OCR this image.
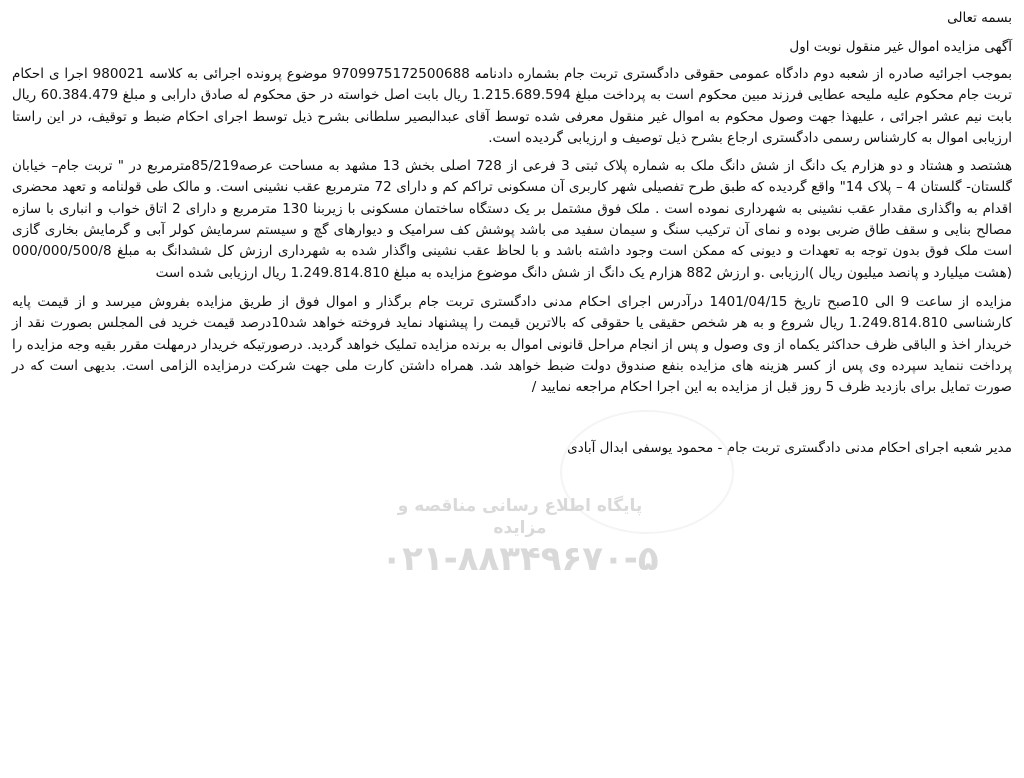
بسمه تعالی
آگهی مزایده اموال غیر منقول نوبت اول
بموجب اجرائیه صادره از شعبه دوم دادگاه عمومی حقوقی دادگستری تربت جام بشماره دادنامه 9709975172500688 موضوع پرونده اجرائی به کلاسه 980021 اجرا ی احکام تربت جام محکوم علیه ملیحه عطایی فرزند مبین محکوم است به پرداخت مبلغ 1.215.689.594 ریال بابت اصل خواسته در حق محکوم له صادق دارابی و مبلغ 60.384.479 ریال بابت نیم عشر اجرائی ، علیهذا جهت وصول محکوم به اموال غیر منقول معرفی شده توسط آقای عبدالبصیر سلطانی بشرح ذیل توسط اجرای احکام ضبط و توقیف، در این راستا ارزیابی اموال به کارشناس رسمی دادگستری ارجاع بشرح ذیل توصیف و ارزیابی گردیده است.
هشتصد و هشتاد و دو هزارم یک دانگ از شش دانگ ملک به شماره پلاک ثبتی 3 فرعی از 728 اصلی بخش 13 مشهد به مساحت عرصه85/219مترمربع در " تربت جام– خیابان گلستان- گلستان 4 – پلاک 14" واقع گردیده که طبق طرح تفصیلی شهر کاربری آن مسکونی تراکم کم و دارای 72 مترمربع عقب نشینی است. و مالک طی قولنامه و تعهد محضری اقدام به واگذاری مقدار عقب نشینی به شهرداری نموده است . ملک فوق مشتمل بر یک دستگاه ساختمان مسکونی با زیربنا 130 مترمربع و دارای 2 اتاق خواب و انباری با سازه مصالح بنایی و سقف طاق ضربی بوده و نمای آن ترکیب سنگ و سیمان سفید می باشد پوشش کف سرامیک و دیوارهای گچ و سیستم سرمایش کولر آبی و گرمایش بخاری گازی است ملک فوق بدون توجه به تعهدات و دیونی که ممکن است وجود داشته باشد و با لحاظ عقب نشینی واگذار شده به شهرداری ارزش کل ششدانگ به مبلغ 000/000/500/8 (هشت میلیارد و پانصد میلیون ریال )ارزیابی .و ارزش 882 هزارم یک دانگ از شش دانگ موضوع مزایده به مبلغ 1.249.814.810 ریال ارزیابی شده است
مزایده از ساعت 9 الی 10صبح تاریخ 1401/04/15 درآدرس اجرای احکام مدنی دادگستری تربت جام برگذار و اموال فوق از طریق مزایده بفروش میرسد و از قیمت پایه کارشناسی 1.249.814.810 ریال شروع و به هر شخص حقیقی یا حقوقی که بالاترین قیمت را پیشنهاد نماید فروخته خواهد شد10درصد قیمت خرید فی المجلس بصورت نقد از خریدار اخذ و الباقی ظرف حداکثر یکماه از وی وصول و پس از انجام مراحل قانونی اموال به برنده مزایده تملیک خواهد گردید. درصورتیکه خریدار درمهلت مقرر بقیه وجه مزایده را پرداخت ننماید سپرده وی پس از کسر هزینه های مزایده بنفع صندوق دولت ضبط خواهد شد. همراه داشتن کارت ملی جهت شرکت درمزایده الزامی است. بدیهی است که در صورت تمایل برای بازدید ظرف 5 روز قبل از مزایده به این اجرا احکام مراجعه نمایید /
مدیر شعبه اجرای احکام مدنی دادگستری تربت جام - محمود یوسفی ابدال آبادی
پایگاه اطلاع رسانی مناقصه و مزایده
۰۲۱-۸۸۳۴۹۶۷۰-۵
